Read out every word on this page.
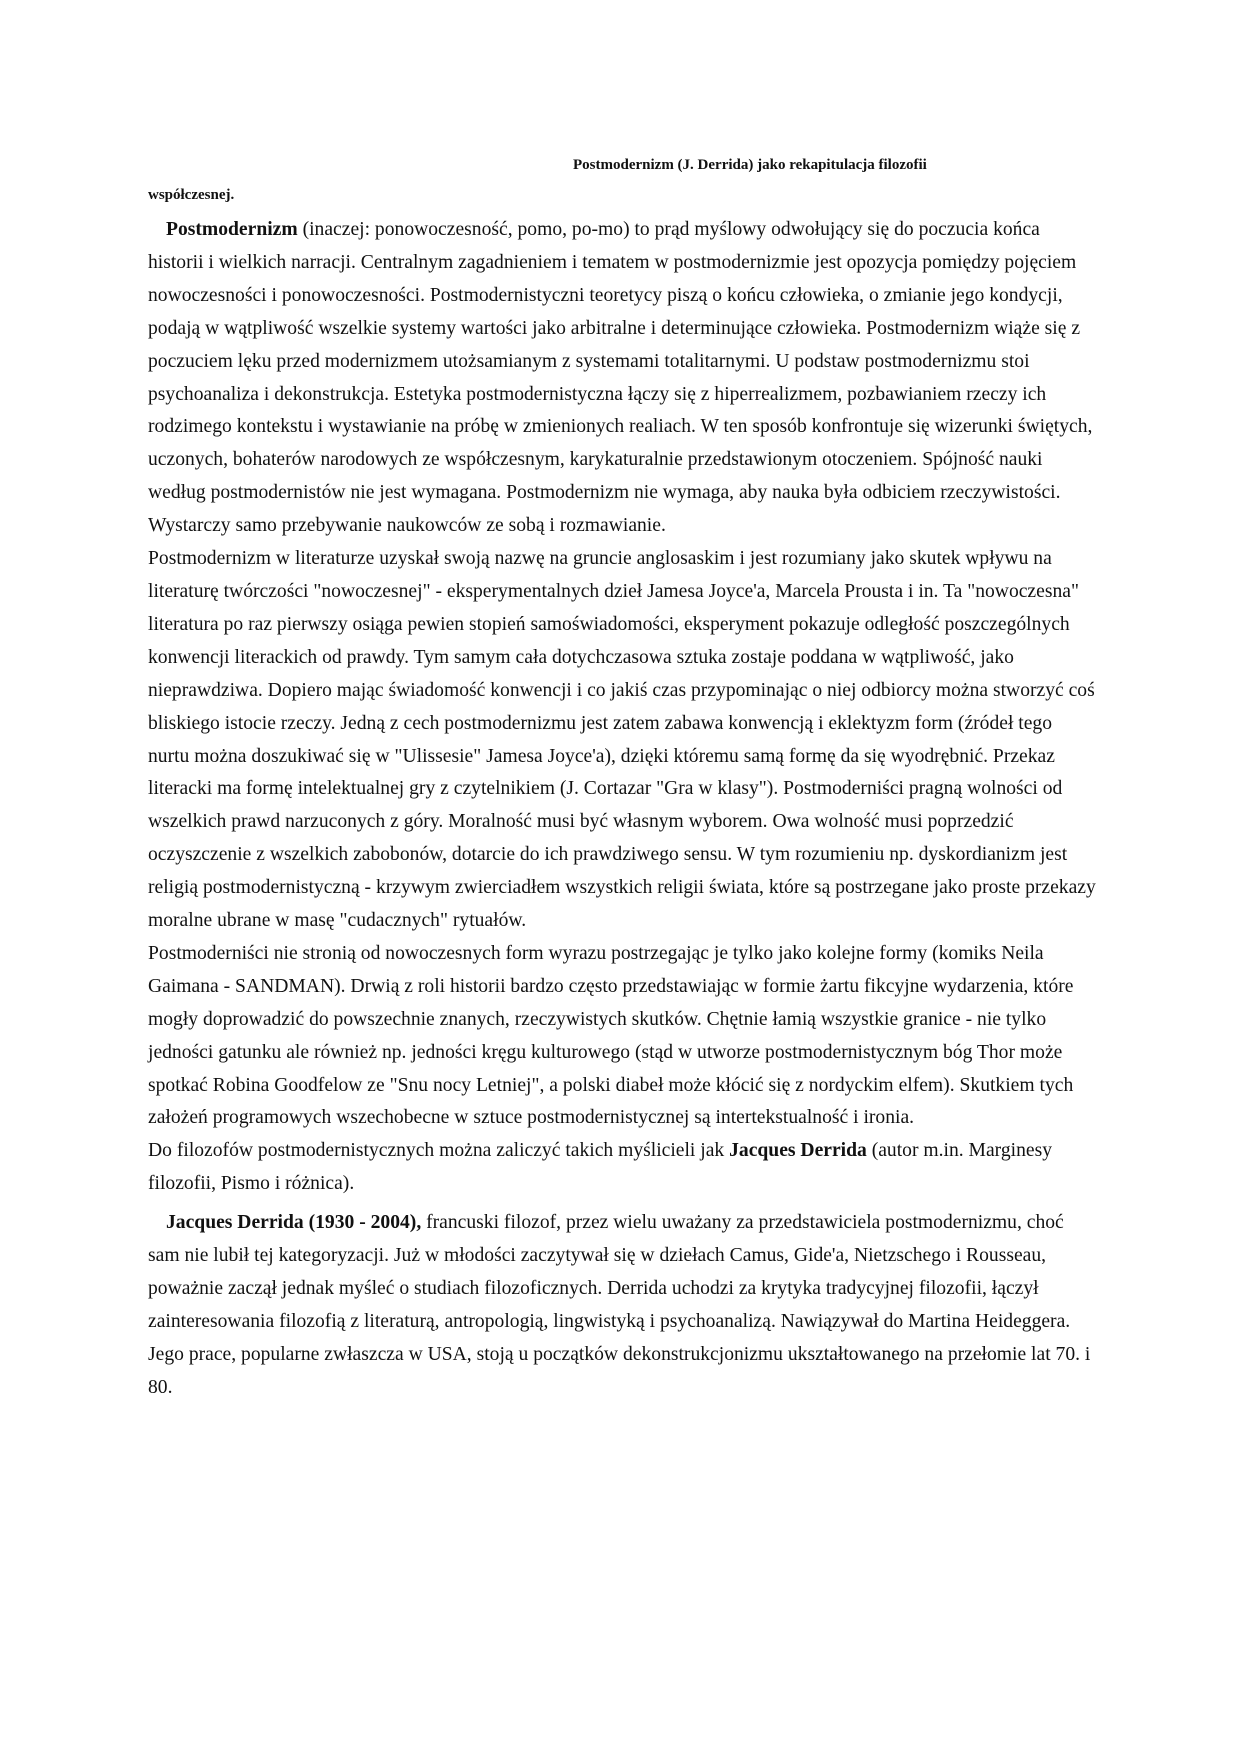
Postmodernizm (J. Derrida) jako rekapitulacja filozofii
współczesnej.

Postmodernizm (inaczej: ponowoczesność, pomo, po-mo) to prąd myślowy odwołujący się do poczucia końca historii i wielkich narracji. Centralnym zagadnieniem i tematem w postmodernizmie jest opozycja pomiędzy pojęciem nowoczesności i ponowoczesności. Postmodernistyczni teoretycy piszą o końcu człowieka, o zmianie jego kondycji, podają w wątpliwość wszelkie systemy wartości jako arbitralne i determinujące człowieka. Postmodernizm wiąże się z poczuciem lęku przed modernizmem utożsamianym z systemami totalitarnymi. U podstaw postmodernizmu stoi psychoanaliza i dekonstrukcja. Estetyka postmodernistyczna łączy się z hiperrealizmem, pozbawianiem rzeczy ich rodzimego kontekstu i wystawianie na próbę w zmienionych realiach. W ten sposób konfrontuje się wizerunki świętych, uczonych, bohaterów narodowych ze współczesnym, karykaturalnie przedstawionym otoczeniem. Spójność nauki według postmodernistów nie jest wymagana. Postmodernizm nie wymaga, aby nauka była odbiciem rzeczywistości. Wystarczy samo przebywanie naukowców ze sobą i rozmawianie.

Postmodernizm w literaturze uzyskał swoją nazwę na gruncie anglosaskim i jest rozumiany jako skutek wpływu na literaturę twórczości "nowoczesnej" - eksperymentalnych dzieł Jamesa Joyce'a, Marcela Prousta i in. Ta "nowoczesna" literatura po raz pierwszy osiąga pewien stopień samoświadomości, eksperyment pokazuje odległość poszczególnych konwencji literackich od prawdy. Tym samym cała dotychczasowa sztuka zostaje poddana w wątpliwość, jako nieprawdziwa. Dopiero mając świadomość konwencji i co jakiś czas przypominając o niej odbiorcy można stworzyć coś bliskiego istocie rzeczy. Jedną z cech postmodernizmu jest zatem zabawa konwencją i eklektyzm form (źródeł tego nurtu można doszukiwać się w "Ulissesie" Jamesa Joyce'a), dzięki któremu samą formę da się wyodrębnić. Przekaz literacki ma formę intelektualnej gry z czytelnikiem (J. Cortazar "Gra w klasy"). Postmoderniści pragną wolności od wszelkich prawd narzuconych z góry. Moralność musi być własnym wyborem. Owa wolność musi poprzedzić oczyszczenie z wszelkich zabobonów, dotarcie do ich prawdziwego sensu. W tym rozumieniu np. dyskordianizm jest religią postmodernistyczną - krzywym zwierciadłem wszystkich religii świata, które są postrzegane jako proste przekazy moralne ubrane w masę "cudacznych" rytuałów.

Postmoderniści nie stronią od nowoczesnych form wyrazu postrzegając je tylko jako kolejne formy (komiks Neila Gaimana - SANDMAN). Drwią z roli historii bardzo często przedstawiając w formie żartu fikcyjne wydarzenia, które mogły doprowadzić do powszechnie znanych, rzeczywistych skutków. Chętnie łamią wszystkie granice - nie tylko jedności gatunku ale również np. jedności kręgu kulturowego (stąd w utworze postmodernistycznym bóg Thor może spotkać Robina Goodfelow ze "Snu nocy Letniej", a polski diabeł może kłócić się z nordyckim elfem). Skutkiem tych założeń programowych wszechobecne w sztuce postmodernistycznej są intertekstualność i ironia.

Do filozofów postmodernistycznych można zaliczyć takich myślicieli jak Jacques Derrida (autor m.in. Marginesy filozofii, Pismo i różnica).

Jacques Derrida (1930 - 2004), francuski filozof, przez wielu uważany za przedstawiciela postmodernizmu, choć sam nie lubił tej kategoryzacji. Już w młodości zaczytywał się w dziełach Camus, Gide'a, Nietzschego i Rousseau, poważnie zaczął jednak myśleć o studiach filozoficznych. Derrida uchodzi za krytyka tradycyjnej filozofii, łączył zainteresowania filozofią z literaturą, antropologią, lingwistyką i psychoanalizą. Nawiązywał do Martina Heideggera. Jego prace, popularne zwłaszcza w USA, stoją u początków dekonstrukcjonizmu ukształtowanego na przełomie lat 70. i 80.
